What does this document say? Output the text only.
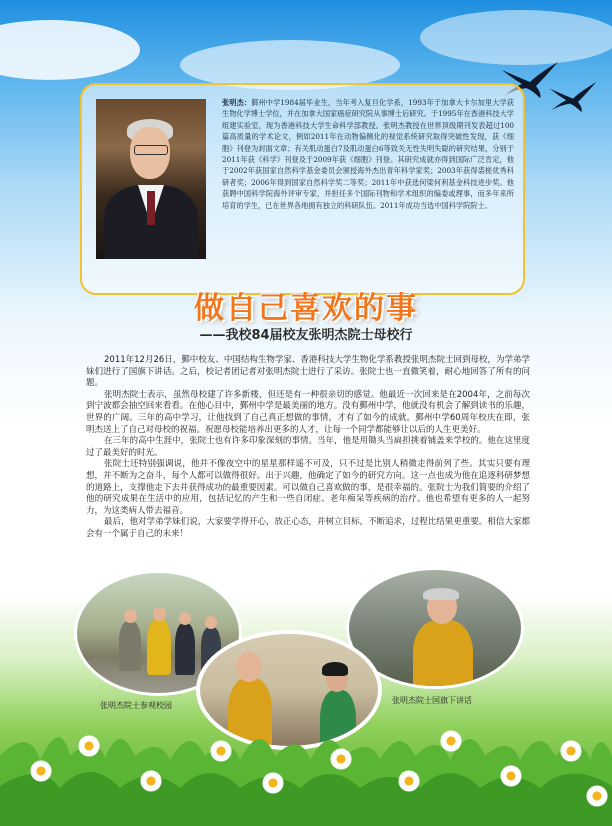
张明杰：鄞州中学1984届毕业生，当年考入复旦化学系，1993年于加拿大卡尔加里大学获生物化学博士学位，并在加拿大国家癌症研究院从事博士后研究。于1995年在香港科技大学组建实验室，现为香港科技大学生命科学部教授。张明杰教授在世界顶级期刊发表超过100篇高质量的学术论文，例如2011年在动物偏侧化的视觉系统研究取得突破性发现，获《细胞》刊登为封面文章；有关肌动蛋白7及肌动蛋白6等致关无性失明失聪的研究结果，分别于2011年获《科学》刊登及于2009年获《细胞》刊登。其研究成就亦得到国际广泛肯定，他于2002年获国家自然科学基金委员会颁授海外杰出青年科学家奖；2003年获得裘槎优秀科研者奖；2006年得到国家自然科学奖二等奖；2011年中获选何梁何利基金科技进步奖。他获聘中国科学院海外评审专家，并担任多个国际刊物和学术组织的编委或理事，而多年来所培育的学生，已在世界各地拥有独立的科研队伍。2011年成功当选中国科学院院士。
做自己喜欢的事
——我校84届校友张明杰院士母校行

2011年12月26日，鄞中校友、中国结构生物学家、香港科技大学生物化学系教授张明杰院士回到母校，为学弟学妹们进行了国旗下讲话。之后，校记者团记者对张明杰院士进行了采访。张院士也一直微笑着，耐心地回答了所有的问题。

张明杰院士表示，虽然母校建了许多新楼，但还是有一种很亲切的感觉。他最近一次回来是在2004年，之前每次到宁波都会抽空回来看看。在他心目中，鄞州中学是最美丽的地方。没有鄞州中学，他就没有机会了解到读书的乐趣，世界的广阔。三年的高中学习，让他找到了自己真正想做的事情，才有了如今的成就。鄞州中学60周年校庆在即，张明杰送上了自己对母校的祝福。祝愿母校能培养出更多的人才，让每一个同学都能够让以后的人生更美好。

在三年的高中生涯中，张院士也有许多印象深刻的事情。当年，他是用锄头当扁担挑着铺盖来学校的。他在这里度过了最美好的时光。

张院士还特别强调说，他并不像夜空中的星星那样遥不可及，只不过是比别人稍微走得前列了些。其实只要有理想，并不断为之奋斗，每个人都可以做得很好。出于兴趣，他确定了如今的研究方向。这一点也成为他在追逐科研梦想的道路上，支撑他走下去并获得成功的最重要因素。可以做自己喜欢做的事，是很幸福的。张院士为我们简要的介绍了他的研究成果在生活中的应用，包括记忆的产生和一些自闭症、老年痴呆等疾病的治疗。他也希望有更多的人一起努力，为这类病人带去福音。

最后，他对学弟学妹们说，大家要学得开心，放正心态，并树立目标，不断追求，过程比结果更重要。相信大家都会有一个属于自己的未来！

张明杰院士参观校园
张明杰院士国旗下讲话
